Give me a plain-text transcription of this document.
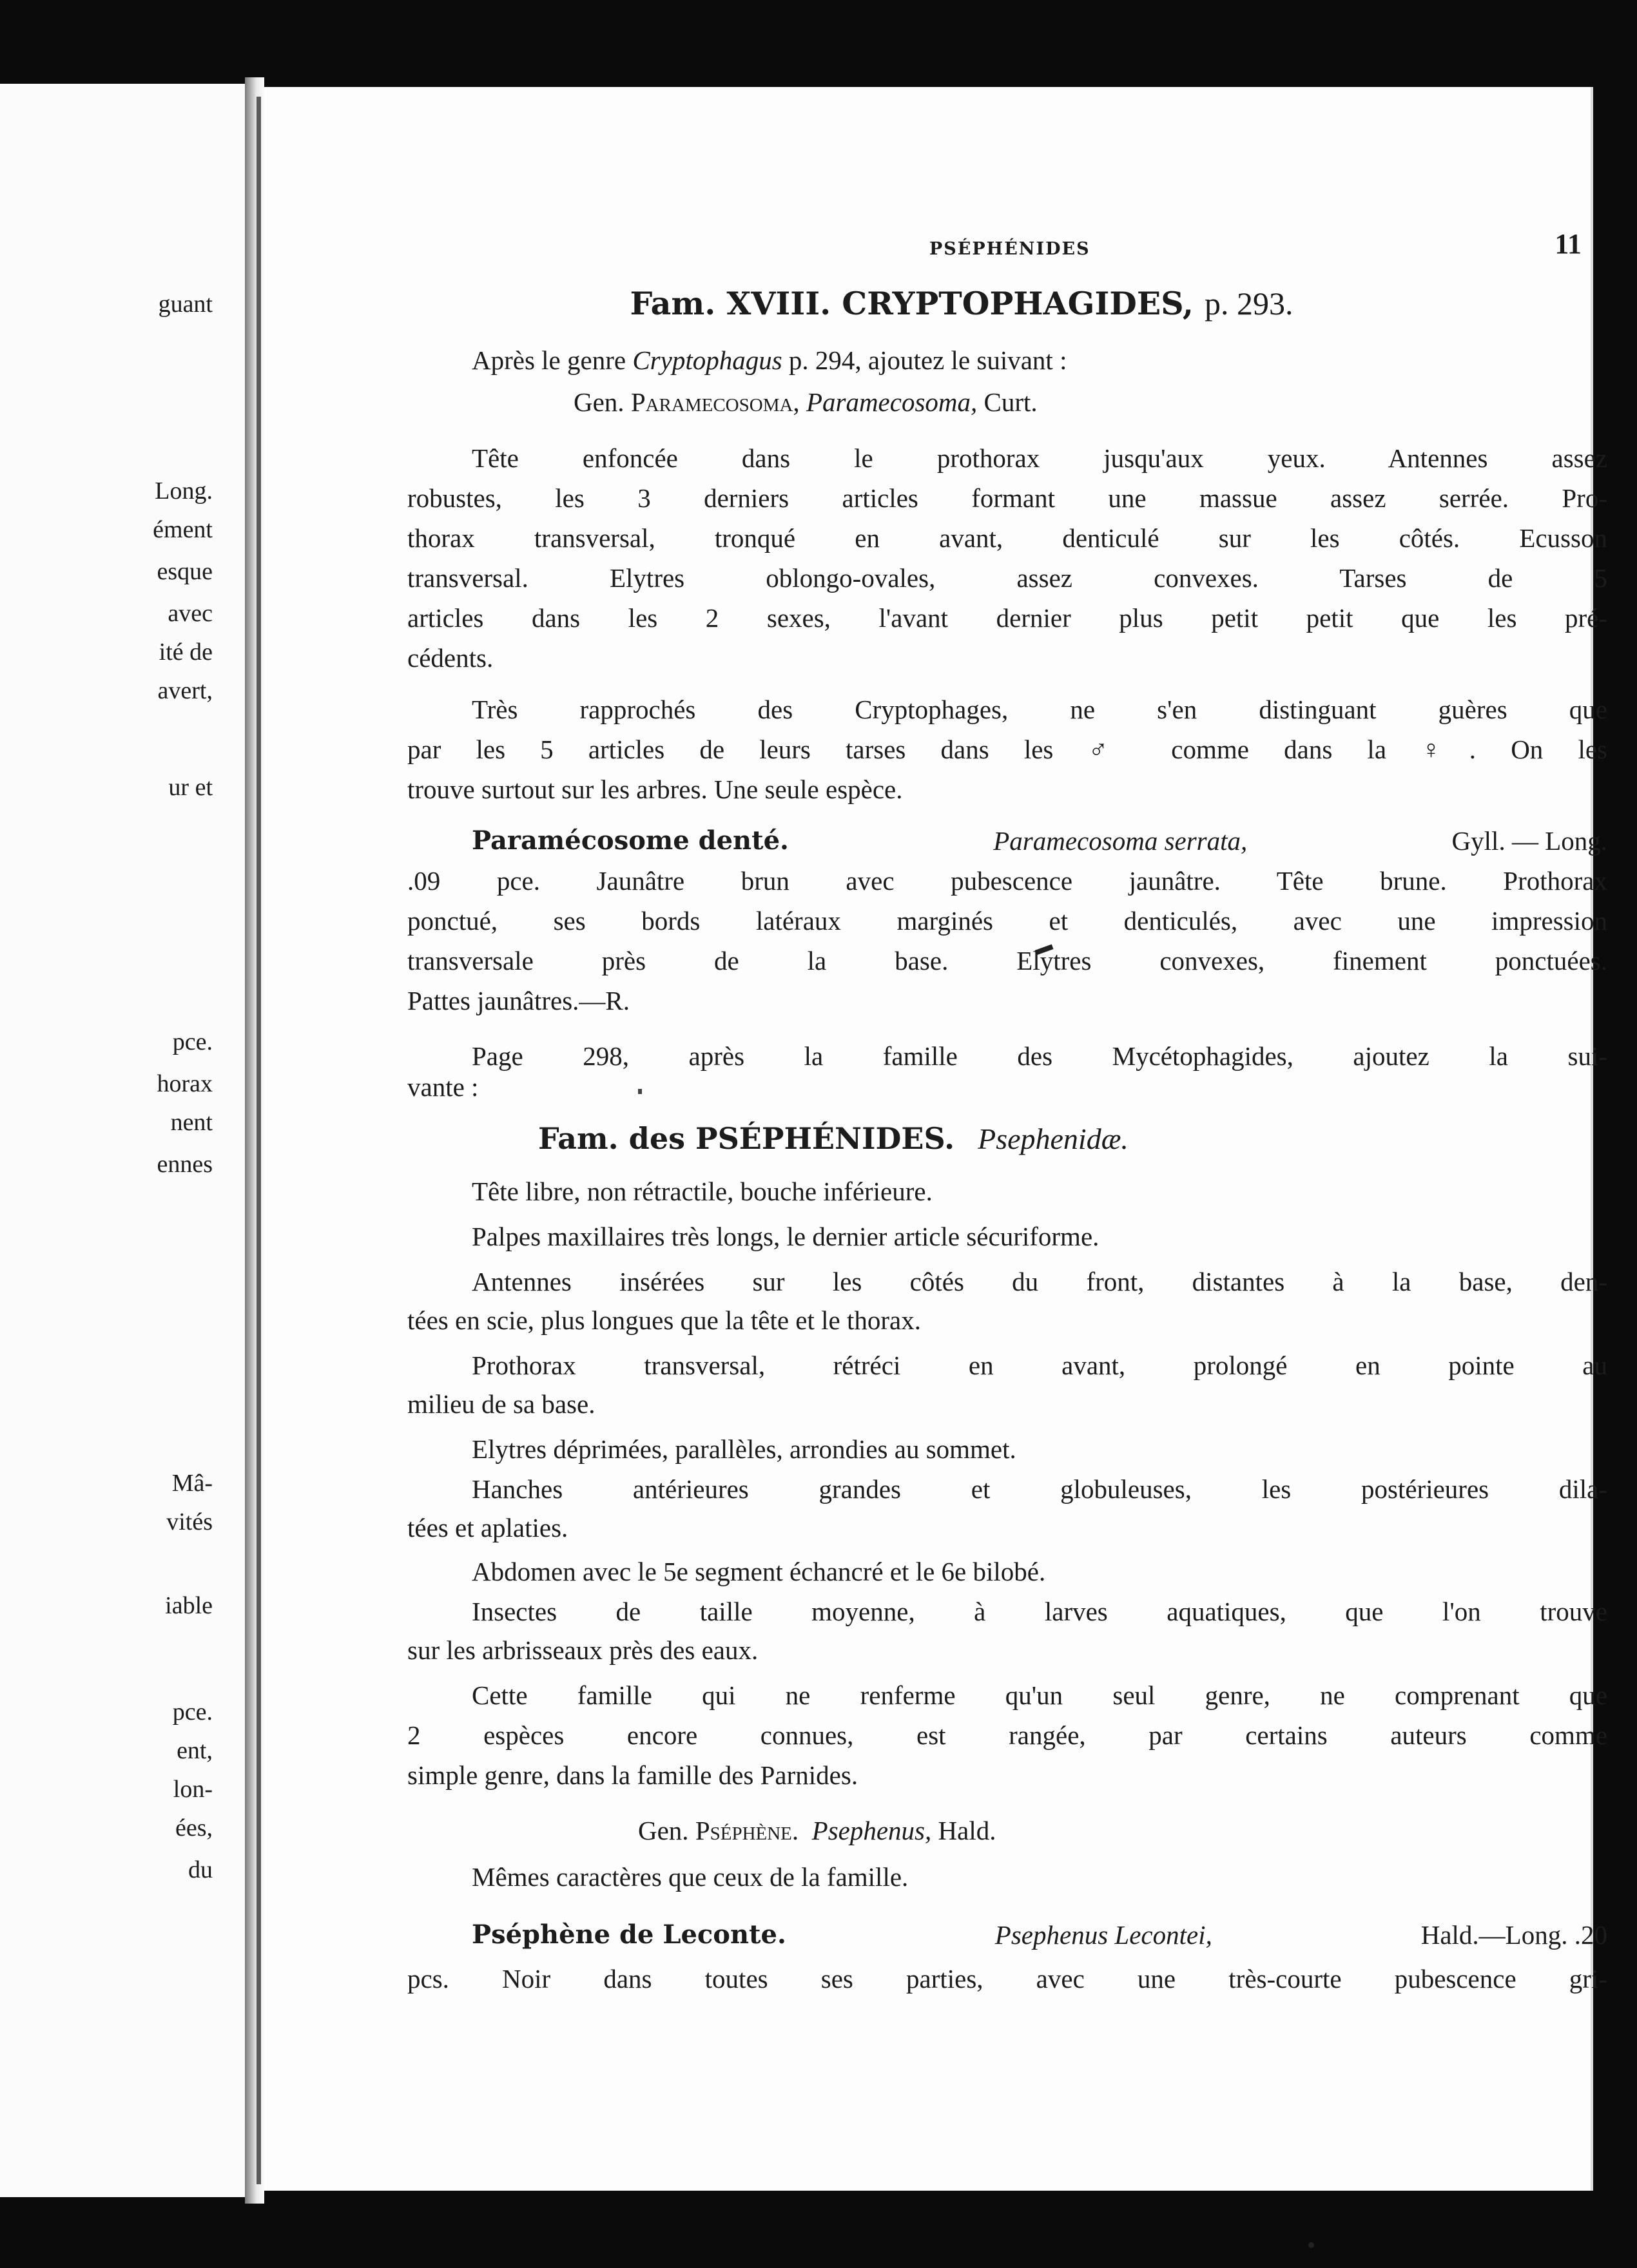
guant
Long.
ément
esque
avec
ité de
avert,
ur et
pce.
horax
nent
ennes
Mâ-
vités
iable
pce.
ent,
lon-
ées,
du
PSÉPHÉNIDES	11
Fam. XVIII. CRYPTOPHAGIDES, p. 293.
Après le genre Cryptophagus p. 294, ajoutez le suivant :
Gen. Paramecosoma, Paramecosoma, Curt.

Tête enfoncée dans le prothorax jusqu'aux yeux. Antennes assez

robustes, les 3 derniers articles formant une massue assez serrée. Pro-

thorax transversal, tronqué en avant, denticulé sur les côtés. Ecusson

transversal. Elytres oblongo-ovales, assez convexes. Tarses de 5

articles dans les 2 sexes, l'avant dernier plus petit petit que les pré-

cédents.

Très rapprochés des Cryptophages, ne s'en distinguant guères que

par les 5 articles de leurs tarses dans les ♂ comme dans la ♀. On les

trouve surtout sur les arbres. Une seule espèce.

Paramécosome denté.	Paramecosoma serrata,	Gyll. — Long.

.09 pce. Jaunâtre brun avec pubescence jaunâtre. Tête brune. Prothorax

ponctué, ses bords latéraux marginés et denticulés, avec une impression

transversale près de la base. Elytres convexes, finement ponctuées.

Pattes jaunâtres.—R.

Page 298, après la famille des Mycétophagides, ajoutez la sui-

vante :

Fam. des PSÉPHÉNIDES. Psephenidæ.

Tête libre, non rétractile, bouche inférieure.

Palpes maxillaires très longs, le dernier article sécuriforme.

Antennes insérées sur les côtés du front, distantes à la base, den-

tées en scie, plus longues que la tête et le thorax.

Prothorax transversal, rétréci en avant, prolongé en pointe au

milieu de sa base.

Elytres déprimées, parallèles, arrondies au sommet.

Hanches antérieures grandes et globuleuses, les postérieures dila-

tées et aplaties.

Abdomen avec le 5e segment échancré et le 6e bilobé.

Insectes de taille moyenne, à larves aquatiques, que l'on trouve

sur les arbrisseaux près des eaux.

Cette famille qui ne renferme qu'un seul genre, ne comprenant que

2 espèces encore connues, est rangée, par certains auteurs comme

simple genre, dans la famille des Parnides.

Gen. Pséphène. Psephenus, Hald.

Mêmes caractères que ceux de la famille.

Pséphène de Leconte.	Psephenus Lecontei,	Hald.—Long. .20

pcs. Noir dans toutes ses parties, avec une très-courte pubescence gri-
